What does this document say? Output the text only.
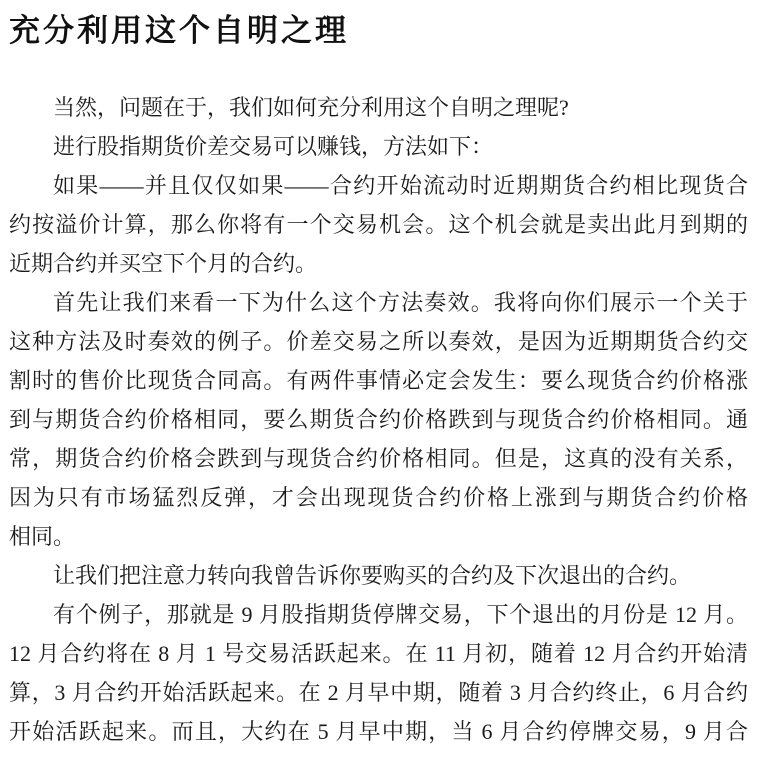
充分利用这个自明之理
当然，问题在于，我们如何充分利用这个自明之理呢?
进行股指期货价差交易可以赚钱，方法如下：
如果——并且仅仅如果——合约开始流动时近期期货合约相比现货合
约按溢价计算，那么你将有一个交易机会。这个机会就是卖出此月到期的
近期合约并买空下个月的合约。
首先让我们来看一下为什么这个方法奏效。我将向你们展示一个关于
这种方法及时奏效的例子。价差交易之所以奏效，是因为近期期货合约交
割时的售价比现货合同高。有两件事情必定会发生：要么现货合约价格涨
到与期货合约价格相同，要么期货合约价格跌到与现货合约价格相同。通
常，期货合约价格会跌到与现货合约价格相同。但是，这真的没有关系，
因为只有市场猛烈反弹，才会出现现货合约价格上涨到与期货合约价格
相同。
让我们把注意力转向我曾告诉你要购买的合约及下次退出的合约。
有个例子，那就是 9 月股指期货停牌交易，下个退出的月份是 12 月。
12 月合约将在 8 月 1 号交易活跃起来。在 11 月初，随着 12 月合约开始清
算，3 月合约开始活跃起来。在 2 月早中期，随着 3 月合约终止，6 月合约
开始活跃起来。而且，大约在 5 月早中期，当 6 月合约停牌交易，9 月合
